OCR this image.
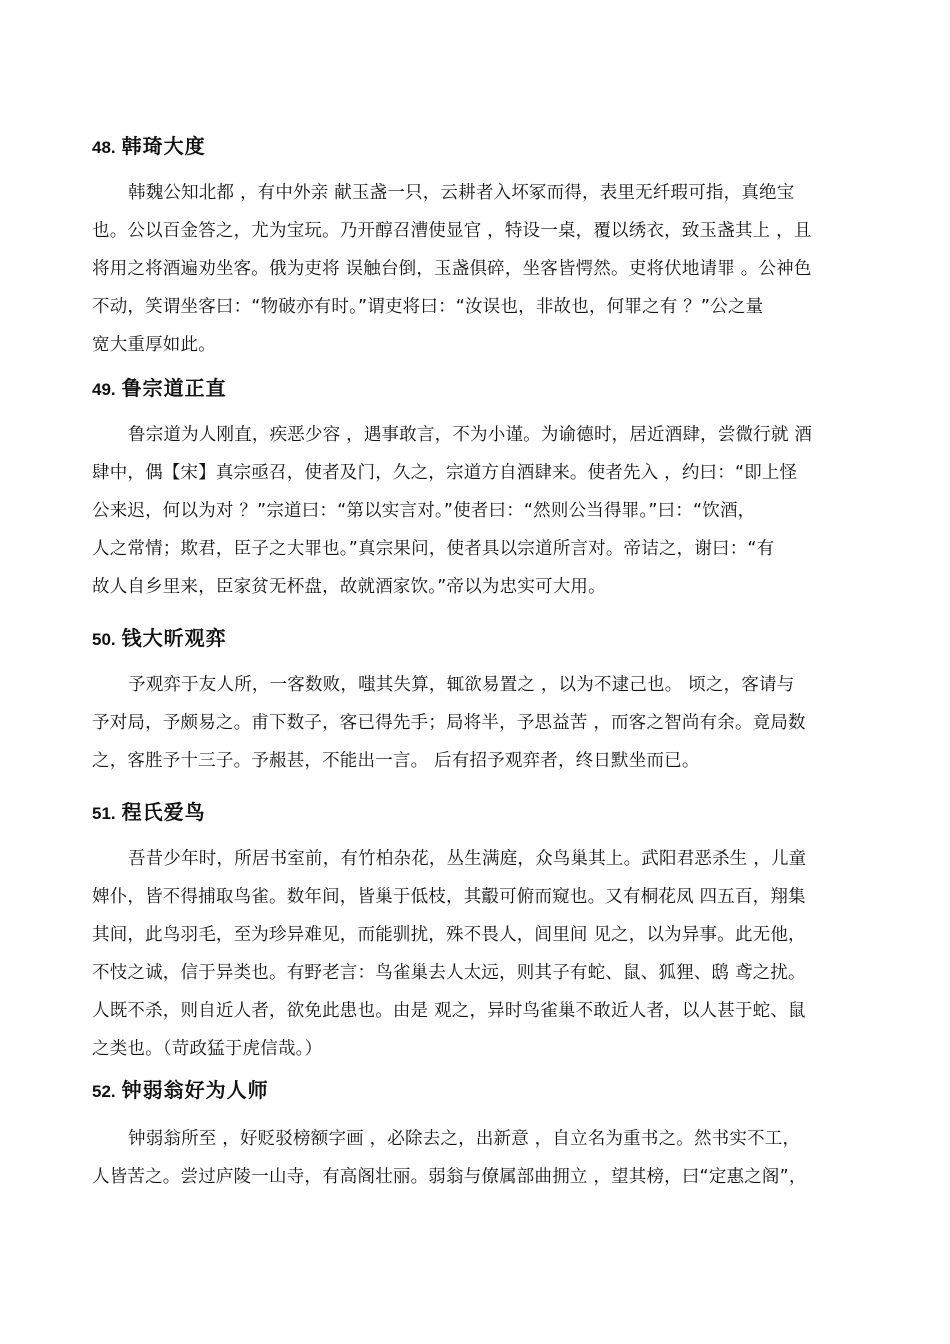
48. 韩琦大度
韩魏公知北都 ，有中外亲 献玉盏一只，云耕者入坏冢而得，表里无纤瑕可指，真绝宝
也。公以百金答之，尤为宝玩。乃开醇召漕使显官 ，特设一桌，覆以绣衣，致玉盏其上 ，且
将用之将酒遍劝坐客。俄为吏将 误触台倒，玉盏俱碎，坐客皆愕然。吏将伏地请罪 。公神色
不动，笑谓坐客曰：“物破亦有时。”谓吏将曰：“汝误也，非故也，何罪之有 ？”公之量
宽大重厚如此。
49. 鲁宗道正直
鲁宗道为人刚直，疾恶少容 ，遇事敢言，不为小谨。为谕德时，居近酒肆，尝微行就 酒
肆中，偶【宋】真宗亟召，使者及门，久之，宗道方自酒肆来。使者先入 ，约曰：“即上怪
公来迟，何以为对 ？”宗道曰：“第以实言对。”使者曰：“然则公当得罪。”曰：“饮酒，
人之常情；欺君，臣子之大罪也。”真宗果问，使者具以宗道所言对。帝诘之，谢曰：“有
故人自乡里来，臣家贫无杯盘，故就酒家饮。”帝以为忠实可大用。
50. 钱大昕观弈
予观弈于友人所，一客数败，嗤其失算，辄欲易置之 ，以为不逮己也。 顷之，客请与
予对局，予颇易之。甫下数子，客已得先手；局将半，予思益苦 ，而客之智尚有余。竟局数
之，客胜予十三子。予赧甚，不能出一言。 后有招予观弈者，终日默坐而已。
51. 程氏爱鸟
吾昔少年时，所居书室前，有竹柏杂花，丛生满庭，众鸟巢其上。武阳君恶杀生 ，儿童
婢仆，皆不得捕取鸟雀。数年间，皆巢于低枝，其鷇可俯而窥也。又有桐花凤 四五百，翔集
其间，此鸟羽毛，至为珍异难见，而能驯扰，殊不畏人，闾里间 见之，以为异事。此无他，
不忮之诚，信于异类也。有野老言：鸟雀巢去人太远，则其子有蛇、鼠、狐狸、鸱 鸢之扰。
人既不杀，则自近人者，欲免此患也。由是 观之，异时鸟雀巢不敢近人者，以人甚于蛇、鼠
之类也。（苛政猛于虎信哉。）
52. 钟弱翁好为人师
钟弱翁所至 ，好贬驳榜额字画 ，必除去之，出新意 ，自立名为重书之。然书实不工，
人皆苦之。尝过庐陵一山寺，有高阁壮丽。弱翁与僚属部曲拥立 ，望其榜，曰“定惠之阁”，
